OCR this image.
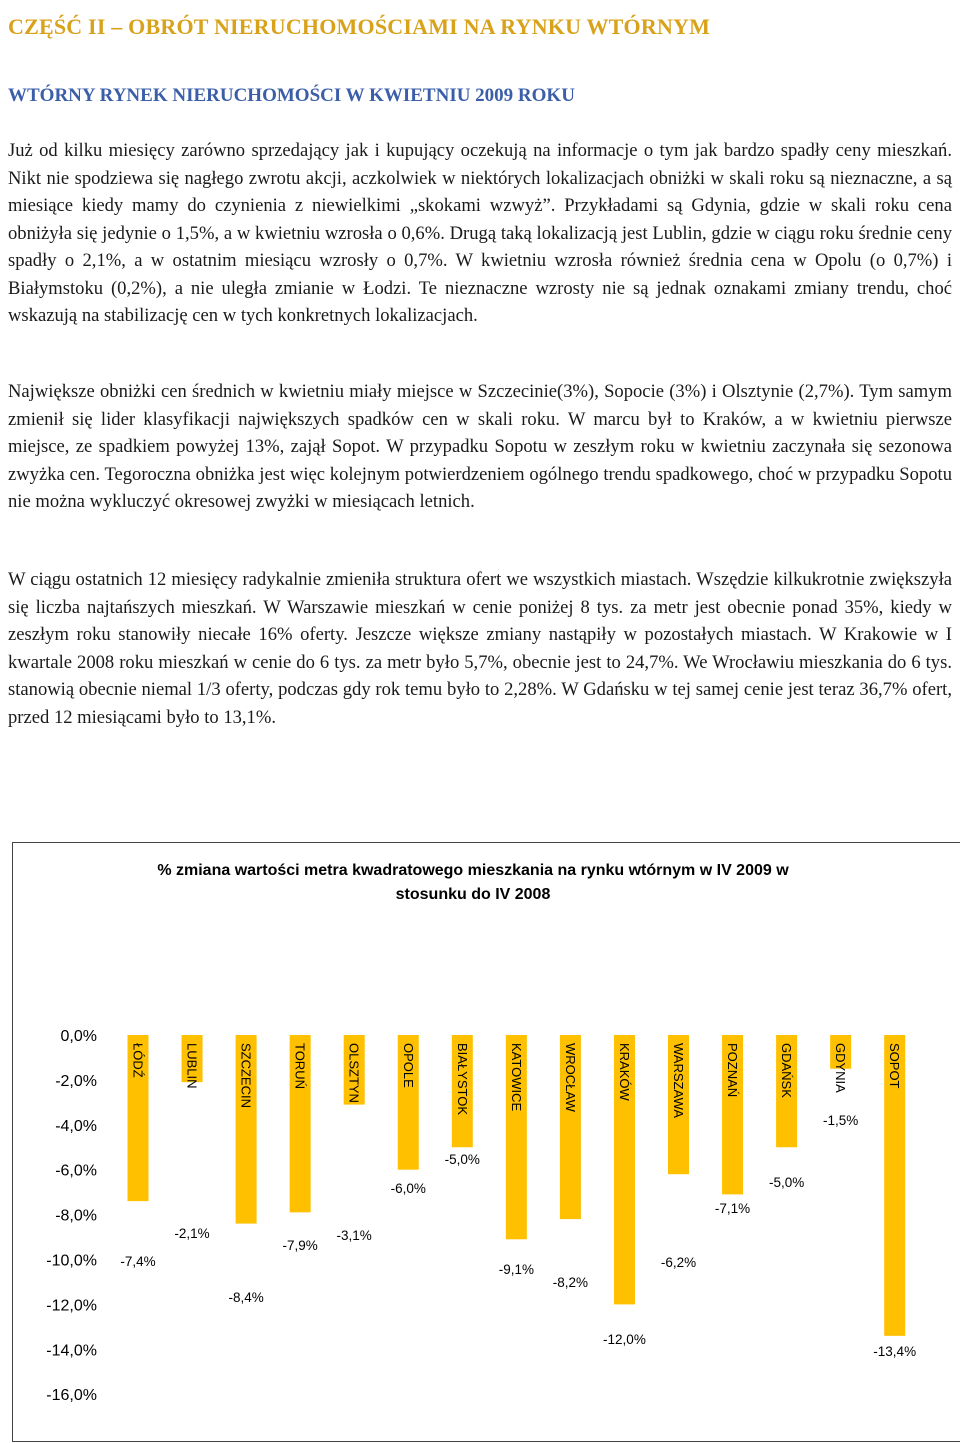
CZĘŚĆ II – OBRÓT NIERUCHOMOŚCIAMI NA RYNKU WTÓRNYM
WTÓRNY RYNEK NIERUCHOMOŚCI W KWIETNIU 2009 ROKU

Już od kilku miesięcy zarówno sprzedający jak i kupujący oczekują na informacje o tym jak bardzo spadły ceny mieszkań. Nikt nie spodziewa się nagłego zwrotu akcji, aczkolwiek w niektórych lokalizacjach obniżki w skali roku są nieznaczne, a są miesiące kiedy mamy do czynienia z niewielkimi „skokami wzwyż”. Przykładami są Gdynia, gdzie w skali roku cena obniżyła się jedynie o 1,5%, a w kwietniu wzrosła o 0,6%. Drugą taką lokalizacją jest Lublin, gdzie w ciągu roku średnie ceny spadły o 2,1%, a w ostatnim miesiącu wzrosły o 0,7%. W kwietniu wzrosła również średnia cena w Opolu (o 0,7%) i Białymstoku (0,2%), a nie uległa zmianie w Łodzi. Te nieznaczne wzrosty nie są jednak oznakami zmiany trendu, choć wskazują na stabilizację cen w tych konkretnych lokalizacjach.

Największe obniżki cen średnich w kwietniu miały miejsce w Szczecinie(3%), Sopocie (3%) i Olsztynie (2,7%). Tym samym zmienił się lider klasyfikacji największych spadków cen w skali roku. W marcu był to Kraków, a w kwietniu pierwsze miejsce, ze spadkiem powyżej 13%, zajął Sopot. W przypadku Sopotu w zeszłym roku w kwietniu zaczynała się sezonowa zwyżka cen. Tegoroczna obniżka jest więc kolejnym potwierdzeniem ogólnego trendu spadkowego, choć w przypadku Sopotu nie można wykluczyć okresowej zwyżki w miesiącach letnich.

W ciągu ostatnich 12 miesięcy radykalnie zmieniła struktura ofert we wszystkich miastach. Wszędzie kilkukrotnie zwiększyła się liczba najtańszych mieszkań. W Warszawie mieszkań w cenie poniżej 8 tys. za metr jest obecnie ponad 35%, kiedy w zeszłym roku stanowiły niecałe 16% oferty. Jeszcze większe zmiany nastąpiły w pozostałych miastach. W Krakowie w I kwartale 2008 roku mieszkań w cenie do 6 tys. za metr było 5,7%, obecnie jest to 24,7%. We Wrocławiu mieszkania do 6 tys. stanowią obecnie niemal 1/3 oferty, podczas gdy rok temu było to 2,28%. W Gdańsku w tej samej cenie jest teraz 36,7% ofert, przed 12 miesiącami było to 13,1%.

% zmiana wartości metra kwadratowego mieszkania na rynku wtórnym w IV 2009 w
stosunku do IV 2008
0,0%
-2,0%
-4,0%
-6,0%
-8,0%
-10,0%
-12,0%
-14,0%
-16,0%
ŁÓDŹ
-7,4%
LUBLIN
-2,1%
SZCZECIN
-8,4%
TORUŃ
-7,9%
OLSZTYN
-3,1%
OPOLE
-6,0%
BIAŁYSTOK
-5,0%
KATOWICE
-9,1%
WROCŁAW
-8,2%
KRAKÓW
-12,0%
WARSZAWA
-6,2%
POZNAŃ
-7,1%
GDAŃSK
-5,0%
GDYNIA
-1,5%
SOPOT
-13,4%
